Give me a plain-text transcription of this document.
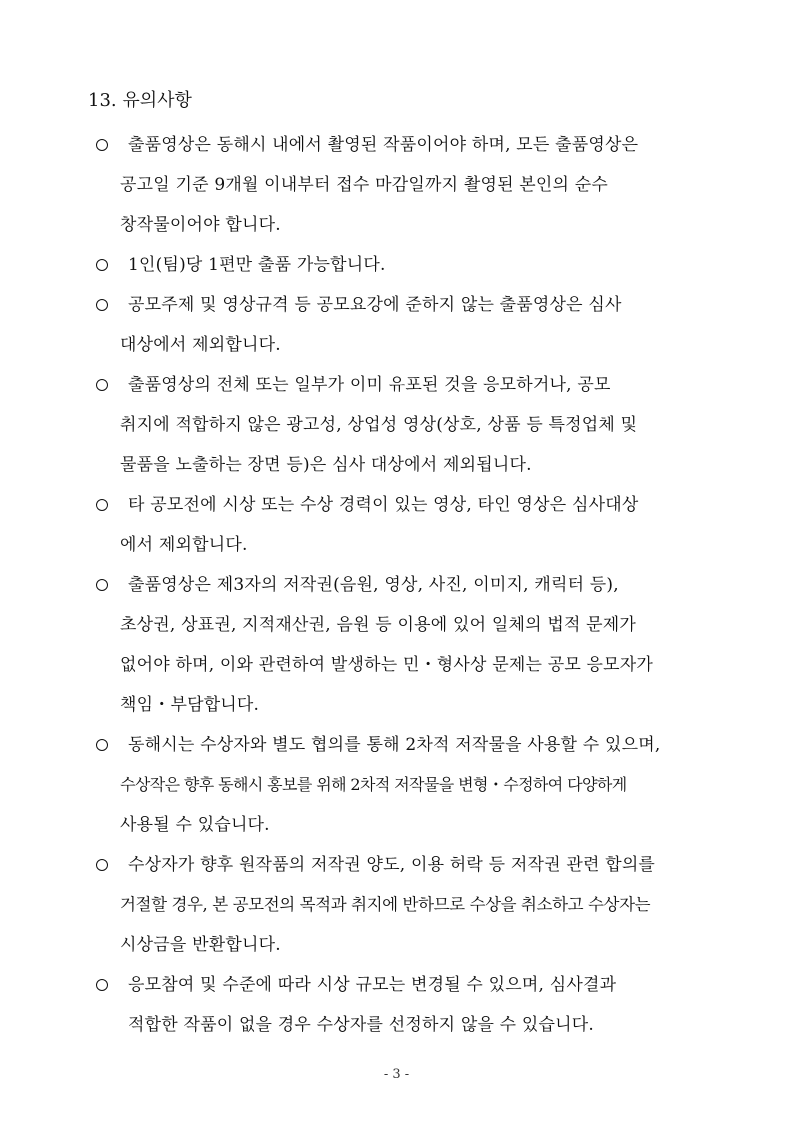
13. 유의사항
출품영상은 동해시 내에서 촬영된 작품이어야 하며, 모든 출품영상은
공고일 기준 9개월 이내부터 접수 마감일까지 촬영된 본인의 순수
창작물이어야 합니다.
1인(팀)당 1편만 출품 가능합니다.
공모주제 및 영상규격 등 공모요강에 준하지 않는 출품영상은 심사
대상에서 제외합니다.
출품영상의 전체 또는 일부가 이미 유포된 것을 응모하거나, 공모
취지에 적합하지 않은 광고성, 상업성 영상(상호, 상품 등 특정업체 및
물품을 노출하는 장면 등)은 심사 대상에서 제외됩니다.
타 공모전에 시상 또는 수상 경력이 있는 영상, 타인 영상은 심사대상
에서 제외합니다.
출품영상은 제3자의 저작권(음원, 영상, 사진, 이미지, 캐릭터 등),
초상권, 상표권, 지적재산권, 음원 등 이용에 있어 일체의 법적 문제가
없어야 하며, 이와 관련하여 발생하는 민・형사상 문제는 공모 응모자가
책임・부담합니다.
동해시는 수상자와 별도 협의를 통해 2차적 저작물을 사용할 수 있으며,
수상작은 향후 동해시 홍보를 위해 2차적 저작물을 변형・수정하여 다양하게
사용될 수 있습니다.
수상자가 향후 원작품의 저작권 양도, 이용 허락 등 저작권 관련 합의를
거절할 경우, 본 공모전의 목적과 취지에 반하므로 수상을 취소하고 수상자는
시상금을 반환합니다.
응모참여 및 수준에 따라 시상 규모는 변경될 수 있으며, 심사결과
적합한 작품이 없을 경우 수상자를 선정하지 않을 수 있습니다.
- 3 -
